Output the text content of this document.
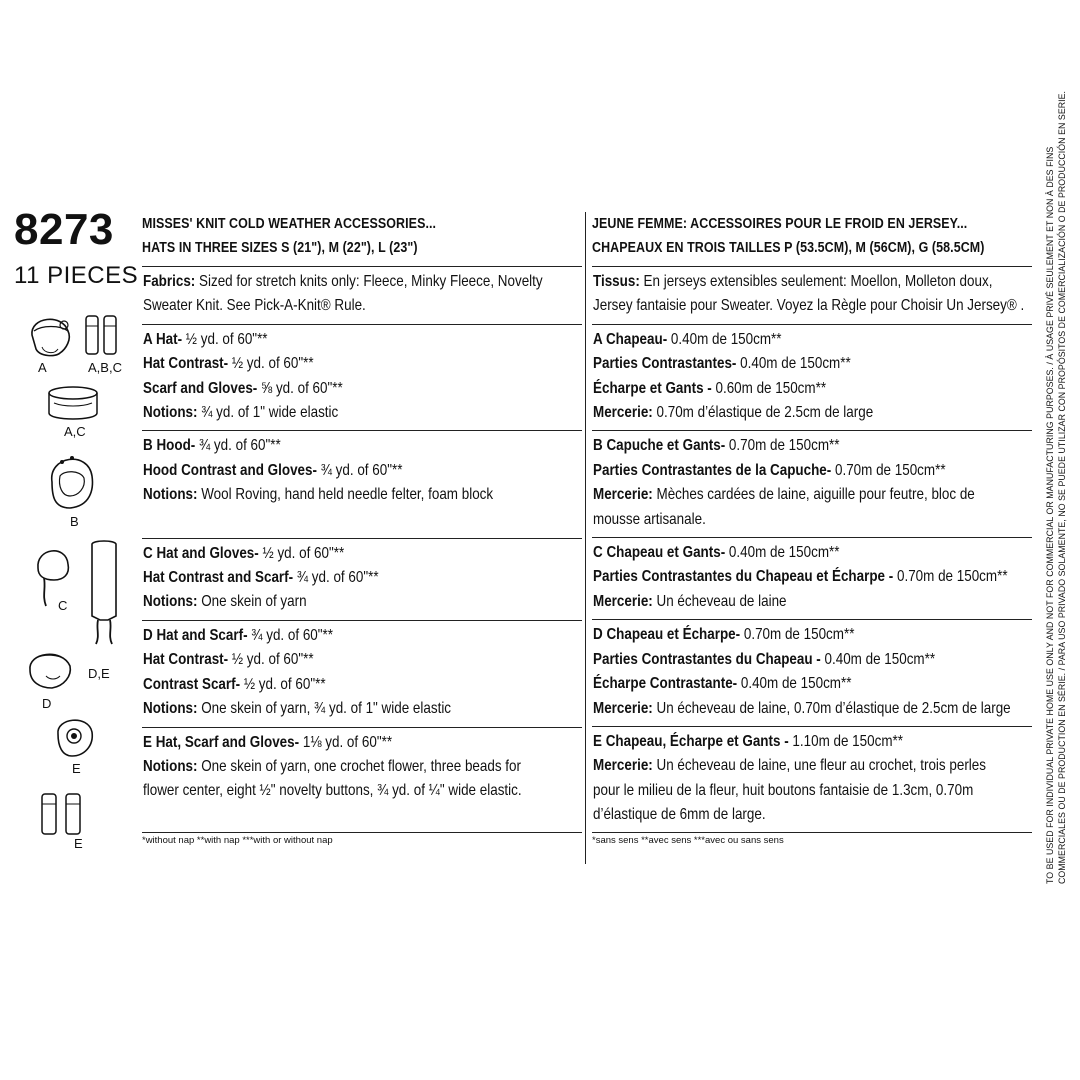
8273
11 PIECES
A	A,B,C
A,C
B
C
D,E
D
E
E
MISSES' KNIT COLD WEATHER ACCESSORIES...
HATS IN THREE SIZES S (21"), M (22"), L (23")
Fabrics: Sized for stretch knits only: Fleece, Minky Fleece, Novelty
Sweater Knit. See Pick-A-Knit® Rule.
A Hat- ½ yd. of 60"**
Hat Contrast- ½ yd. of 60"**
Scarf and Gloves- ⅝ yd. of 60"**
Notions: ¾ yd. of 1" wide elastic
B Hood- ¾ yd. of 60"**
Hood Contrast and Gloves- ¾ yd. of 60"**
Notions: Wool Roving, hand held needle felter, foam block
C Hat and Gloves- ½ yd. of 60"**
Hat Contrast and Scarf- ¾ yd. of 60"**
Notions: One skein of yarn
D Hat and Scarf- ¾ yd. of 60"**
Hat Contrast- ½ yd. of 60"**
Contrast Scarf- ½ yd. of 60"**
Notions: One skein of yarn, ¾ yd. of 1" wide elastic
E Hat, Scarf and Gloves- 1⅛ yd. of 60"**
Notions: One skein of yarn, one crochet flower, three beads for
flower center, eight ½" novelty buttons, ¾ yd. of ¼" wide elastic.
*without nap **with nap ***with or without nap
JEUNE FEMME: ACCESSOIRES POUR LE FROID EN JERSEY...
CHAPEAUX EN TROIS TAILLES P (53.5CM), M (56CM), G (58.5CM)
Tissus: En jerseys extensibles seulement: Moellon, Molleton doux,
Jersey fantaisie pour Sweater. Voyez la Règle pour Choisir Un Jersey® .
A Chapeau- 0.40m de 150cm**
Parties Contrastantes- 0.40m de 150cm**
Écharpe et Gants - 0.60m de 150cm**
Mercerie: 0.70m d’élastique de 2.5cm de large
B Capuche et Gants- 0.70m de 150cm**
Parties Contrastantes de la Capuche- 0.70m de 150cm**
Mercerie: Mèches cardées de laine, aiguille pour feutre, bloc de
mousse artisanale.
C Chapeau et Gants- 0.40m de 150cm**
Parties Contrastantes du Chapeau et Écharpe - 0.70m de 150cm**
Mercerie: Un écheveau de laine
D Chapeau et Écharpe- 0.70m de 150cm**
Parties Contrastantes du Chapeau - 0.40m de 150cm**
Écharpe Contrastante- 0.40m de 150cm**
Mercerie: Un écheveau de laine, 0.70m d’élastique de 2.5cm de large
E Chapeau, Écharpe et Gants - 1.10m de 150cm**
Mercerie: Un écheveau de laine, une fleur au crochet, trois perles
pour le milieu de la fleur, huit boutons fantaisie de 1.3cm, 0.70m
d’élastique de 6mm de large.
*sans sens **avec sens ***avec ou sans sens	TO BE USED FOR INDIVIDUAL PRIVATE HOME USE ONLY AND NOT FOR COMMERCIAL OR MANUFACTURING PURPOSES. / À USAGE PRIVÉ SEULEMENT ET NON À DES FINS COMMERCIALES OU DE PRODUCTION EN SÉRIE. / PARA USO PRIVADO SOLAMENTE, NO SE PUEDE UTILIZAR CON PROPÓSITOS DE COMERCIALIZACIÓN O DE PRODUCCIÓN EN SERIE.
